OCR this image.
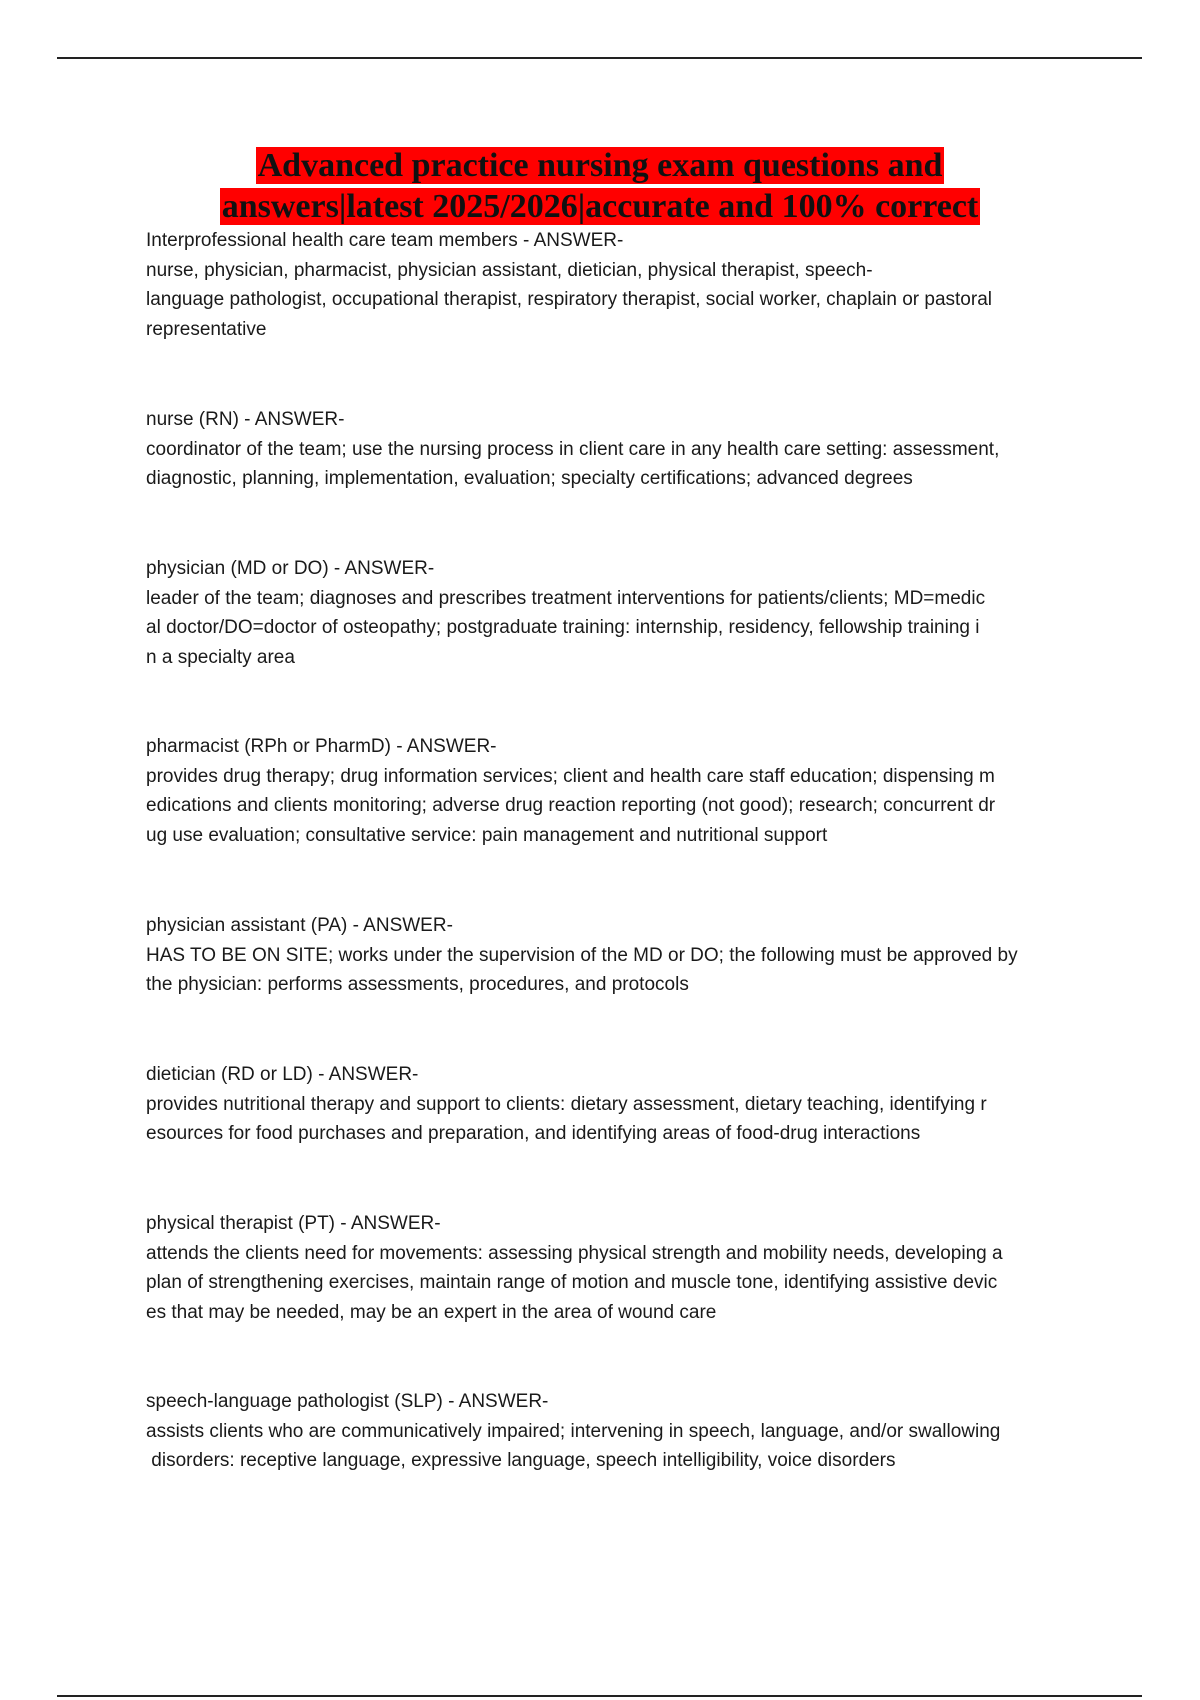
Advanced practice nursing exam questions and
answers|latest 2025/2026|accurate and 100% correct
Interprofessional health care team members - ANSWER-
nurse, physician, pharmacist, physician assistant, dietician, physical therapist, speech-
language pathologist, occupational therapist, respiratory therapist, social worker, chaplain or pastoral
representative
nurse (RN) - ANSWER-
coordinator of the team; use the nursing process in client care in any health care setting: assessment,
diagnostic, planning, implementation, evaluation; specialty certifications; advanced degrees
physician (MD or DO) - ANSWER-
leader of the team; diagnoses and prescribes treatment interventions for patients/clients; MD=medic
al doctor/DO=doctor of osteopathy; postgraduate training: internship, residency, fellowship training i
n a specialty area
pharmacist (RPh or PharmD) - ANSWER-
provides drug therapy; drug information services; client and health care staff education; dispensing m
edications and clients monitoring; adverse drug reaction reporting (not good); research; concurrent dr
ug use evaluation; consultative service: pain management and nutritional support
physician assistant (PA) - ANSWER-
HAS TO BE ON SITE; works under the supervision of the MD or DO; the following must be approved by
the physician: performs assessments, procedures, and protocols
dietician (RD or LD) - ANSWER-
provides nutritional therapy and support to clients: dietary assessment, dietary teaching, identifying r
esources for food purchases and preparation, and identifying areas of food-drug interactions
physical therapist (PT) - ANSWER-
attends the clients need for movements: assessing physical strength and mobility needs, developing a
plan of strengthening exercises, maintain range of motion and muscle tone, identifying assistive devic
es that may be needed, may be an expert in the area of wound care
speech-language pathologist (SLP) - ANSWER-
assists clients who are communicatively impaired; intervening in speech, language, and/or swallowing
disorders: receptive language, expressive language, speech intelligibility, voice disorders
